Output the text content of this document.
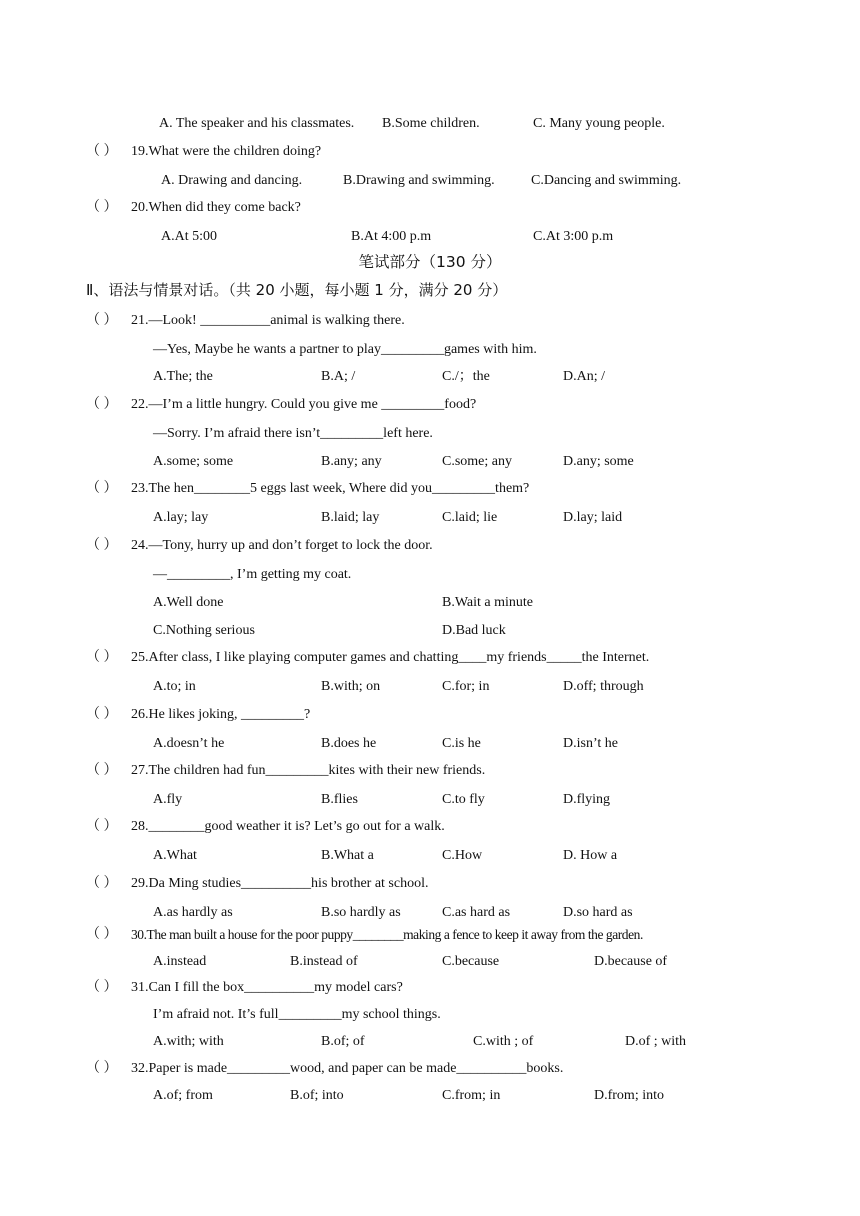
A. The speaker and his classmates. B.Some children.	C. Many young people.
（ ） 19.What were the children doing?
A. Drawing and dancing.	B.Drawing and swimming.	C.Dancing and swimming.
（ ） 20.When did they come back?
A.At 5:00	B.At 4:00 p.m	C.At 3:00 p.m
笔试部分（130 分）
Ⅱ、语法与情景对话。（共 20 小题，每小题 1 分，满分 20 分）
（ ） 21.—Look! __________animal is walking there.
—Yes, Maybe he wants a partner to play_________games with him.
A.The; the	B.A; /	C./；the	D.An; /
（ ） 22.—I’m a little hungry. Could you give me _________food?
—Sorry. I’m afraid there isn’t_________left here.
A.some; some	B.any; any	C.some; any	D.any; some
（ ） 23.The hen________5 eggs last week, Where did you_________them?
A.lay; lay	B.laid; lay	C.laid; lie	D.lay; laid
（ ） 24.—Tony, hurry up and don’t forget to lock the door.
—_________, I’m getting my coat.
A.Well done	B.Wait a minute
C.Nothing serious	D.Bad luck
（ ） 25.After class, I like playing computer games and chatting____my friends_____the Internet.
A.to; in	B.with; on	C.for; in	D.off; through
（ ） 26.He likes joking, _________?
A.doesn’t he	B.does he	C.is he	D.isn’t he
（ ） 27.The children had fun_________kites with their new friends.
A.fly	B.flies	C.to fly	D.flying
（ ） 28.________good weather it is? Let’s go out for a walk.
A.What	B.What a	C.How	D. How a
（ ） 29.Da Ming studies__________his brother at school.
A.as hardly as	B.so hardly as	C.as hard as	D.so hard as
（ ） 30.The man built a house for the poor puppy________making a fence to keep it away from the garden.
A.instead	B.instead of	C.because	D.because of
（ ） 31.Can I fill the box__________my model cars?
I’m afraid not. It’s full_________my school things.
A.with; with	B.of; of	C.with ; of	D.of ; with
（ ） 32.Paper is made_________wood, and paper can be made__________books.
A.of; from	B.of; into	C.from; in	D.from; into
